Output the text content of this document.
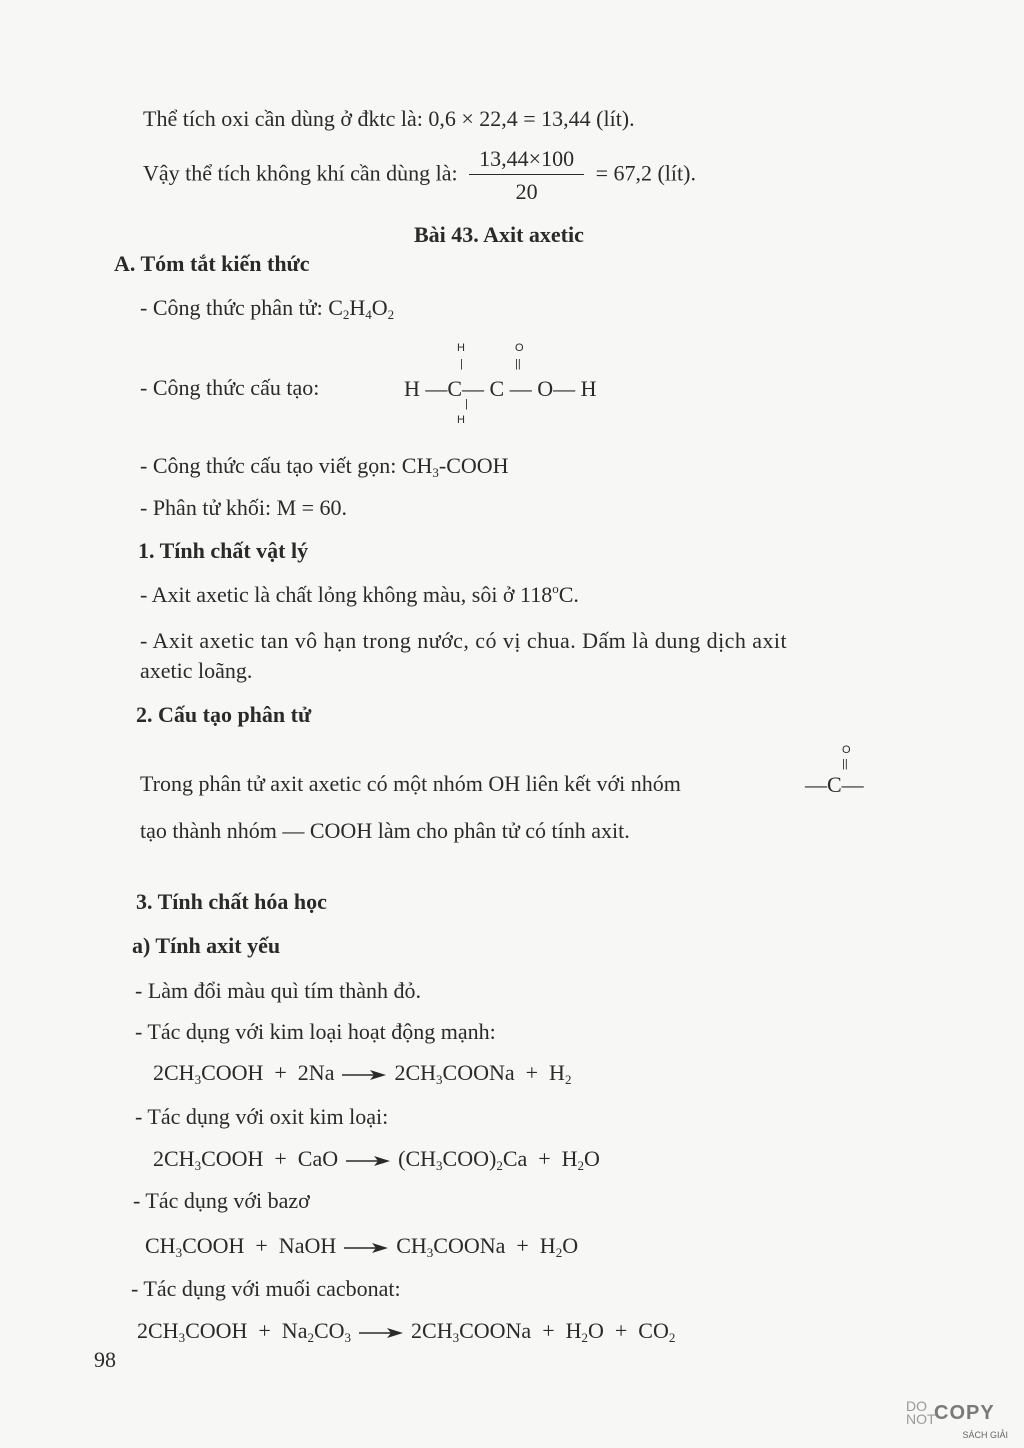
Thể tích oxi cần dùng ở đktc là: 0,6 × 22,4 = 13,44 (lít).
Vậy thể tích không khí cần dùng là: $\frac{13,44\times 100}{20} = 67,2$ (lít).
Bài 43. Axit axetic
A. Tóm tắt kiến thức
- Công thức phân tử: $C_2H_4O_2$
- Công thức cấu tạo:
H	O
|	||
H —C— C — O— H
|
H
- Công thức cấu tạo viết gọn: $CH_3$-COOH
- Phân tử khối: M = 60.
1. Tính chất vật lý
- Axit axetic là chất lỏng không màu, sôi ở 118$^o$C.
- Axit axetic tan vô hạn trong nước, có vị chua. Dấm là dung dịch axit
axetic loãng.
2. Cấu tạo phân tử
O
||
Trong phân tử axit axetic có một nhóm OH liên kết với nhóm	—C—
tạo thành nhóm — COOH làm cho phân tử có tính axit.
3. Tính chất hóa học
a) Tính axit yếu
- Làm đổi màu quì tím thành đỏ.
- Tác dụng với kim loại hoạt động mạnh:
$2CH_3COOH + 2Na$ → $2CH_3COONa + H_2$
- Tác dụng với oxit kim loại:
$2CH_3COOH$  +  CaO → $(CH_3COO)_2Ca + H_2O$
- Tác dụng với bazơ
$CH_3COOH$  +  NaOH → $CH_3COONa + H_2O$
- Tác dụng với muối cacbonat:
$2CH_3COOH + Na_2CO_3$ → $2CH_3COONa + H_2O + CO_2$
98
DO
NOT
COPY
SÁCH GIẢI
